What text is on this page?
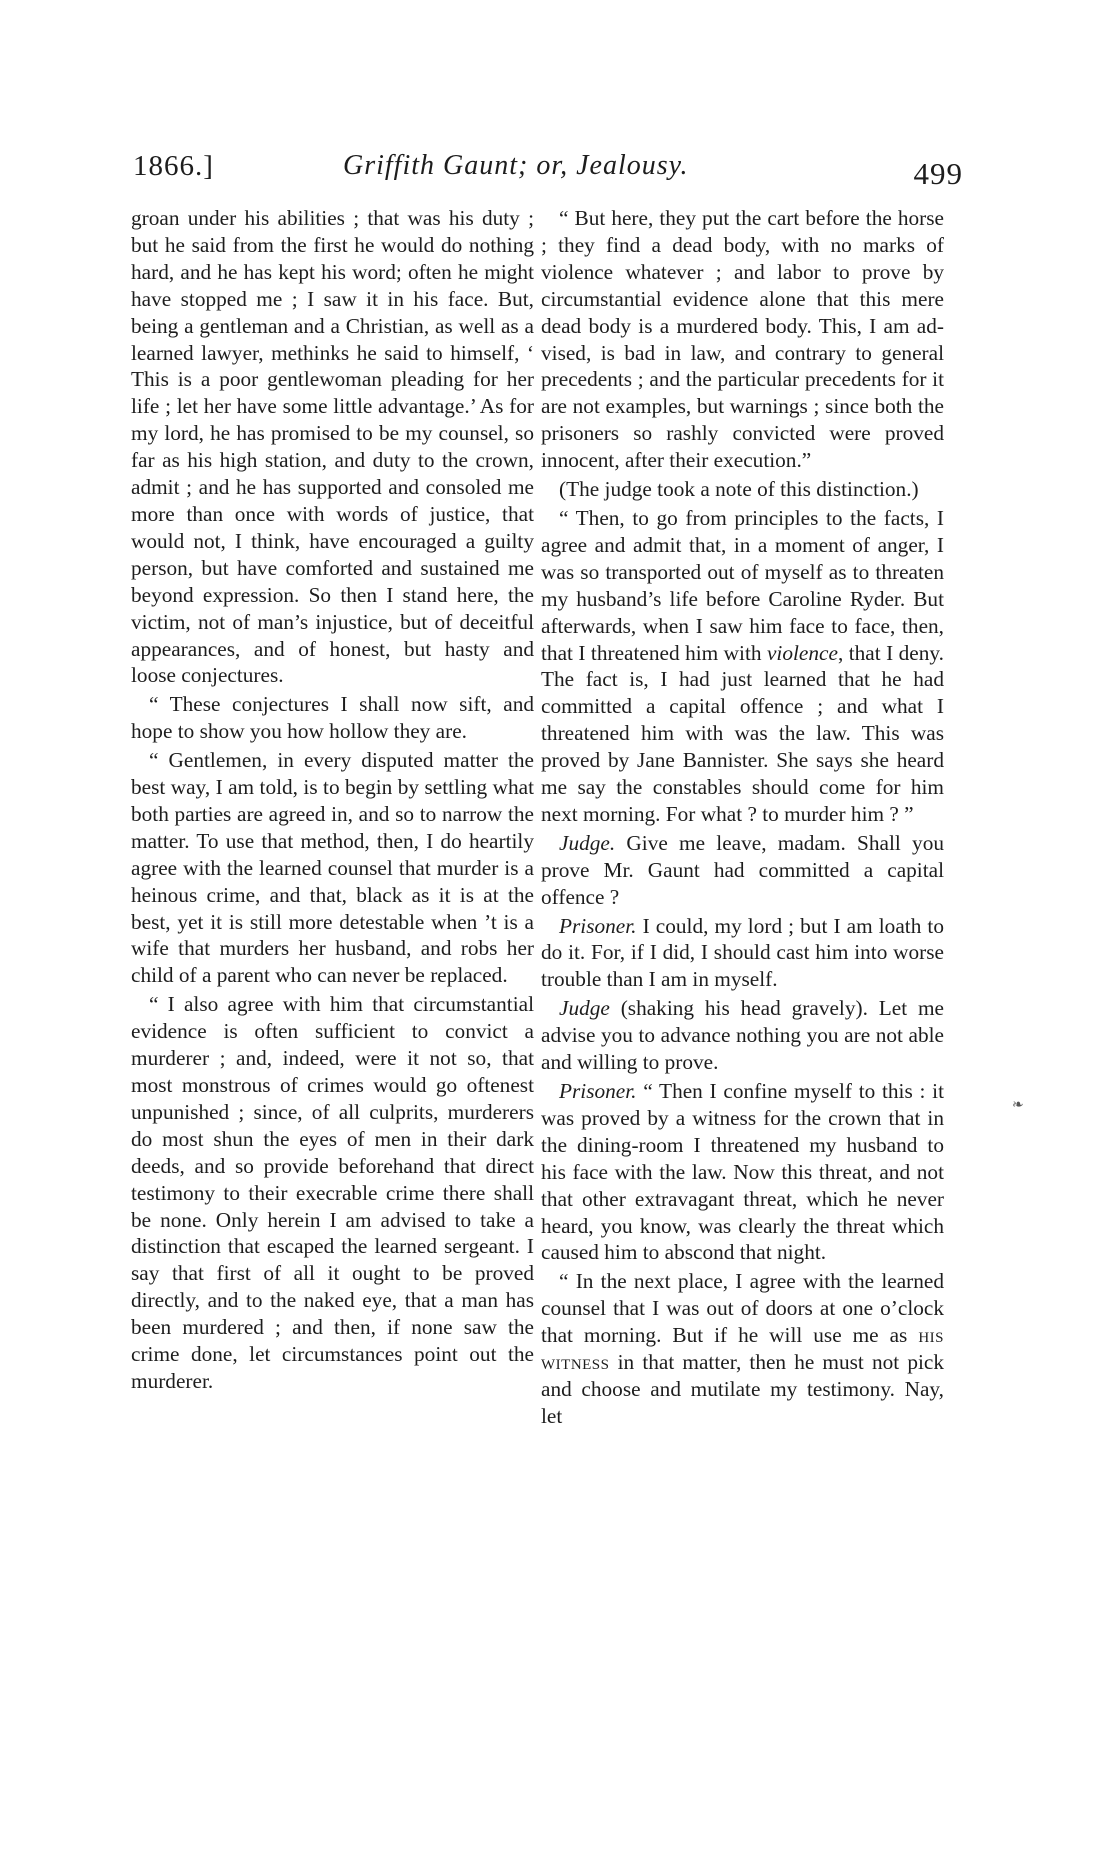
1866.]	Griffith Gaunt; or, Jealousy.	499

groan under his abilities ; that was his duty ; but he said from the first he would do nothing hard, and he has kept his word; often he might have stopped me ; I saw it in his face. But, being a gentleman and a Christian, as well as a learned lawyer, methinks he said to himself, ‘ This is a poor gentlewoman pleading for her life ; let her have some little advantage.’ As for my lord, he has promised to be my counsel, so far as his high station, and duty to the crown, admit ; and he has supported and consoled me more than once with words of justice, that would not, I think, have encouraged a guilty person, but have comforted and sustained me beyond expression. So then I stand here, the victim, not of man’s injustice, but of deceitful appearances, and of honest, but hasty and loose conjectures.

“ These conjectures I shall now sift, and hope to show you how hollow they are.

“ Gentlemen, in every disputed matter the best way, I am told, is to begin by settling what both parties are agreed in, and so to narrow the matter. To use that method, then, I do heartily agree with the learned counsel that murder is a heinous crime, and that, black as it is at the best, yet it is still more detestable when ’t is a wife that murders her husband, and robs her child of a parent who can never be replaced.

“ I also agree with him that circumstantial evidence is often sufficient to convict a murderer ; and, indeed, were it not so, that most monstrous of crimes would go oftenest unpunished ; since, of all culprits, murderers do most shun the eyes of men in their dark deeds, and so provide beforehand that direct testimony to their execrable crime there shall be none. Only herein I am advised to take a distinction that escaped the learned sergeant. I say that first of all it ought to be proved directly, and to the naked eye, that a man has been murdered ; and then, if none saw the crime done, let circumstances point out the murderer.

“ But here, they put the cart before the horse ; they find a dead body, with no marks of violence whatever ; and labor to prove by circumstantial evidence alone that this mere dead body is a murdered body. This, I am advised, is bad in law, and contrary to general precedents ; and the particular precedents for it are not examples, but warnings ; since both the prisoners so rashly convicted were proved innocent, after their execution.”

(The judge took a note of this distinction.)

“ Then, to go from principles to the facts, I agree and admit that, in a moment of anger, I was so transported out of myself as to threaten my husband’s life before Caroline Ryder. But afterwards, when I saw him face to face, then, that I threatened him with violence, that I deny. The fact is, I had just learned that he had committed a capital offence ; and what I threatened him with was the law. This was proved by Jane Bannister. She says she heard me say the constables should come for him next morning. For what ? to murder him ? ”

Judge. Give me leave, madam. Shall you prove Mr. Gaunt had committed a capital offence ?

Prisoner. I could, my lord ; but I am loath to do it. For, if I did, I should cast him into worse trouble than I am in myself.

Judge (shaking his head gravely). Let me advise you to advance nothing you are not able and willing to prove.

Prisoner. “ Then I confine myself to this : it was proved by a witness for the crown that in the dining-room I threatened my husband to his face with the law. Now this threat, and not that other extravagant threat, which he never heard, you know, was clearly the threat which caused him to abscond that night.

“ In the next place, I agree with the learned counsel that I was out of doors at one o’clock that morning. But if he will use me as his witness in that matter, then he must not pick and choose and mutilate my testimony. Nay, let

❧
